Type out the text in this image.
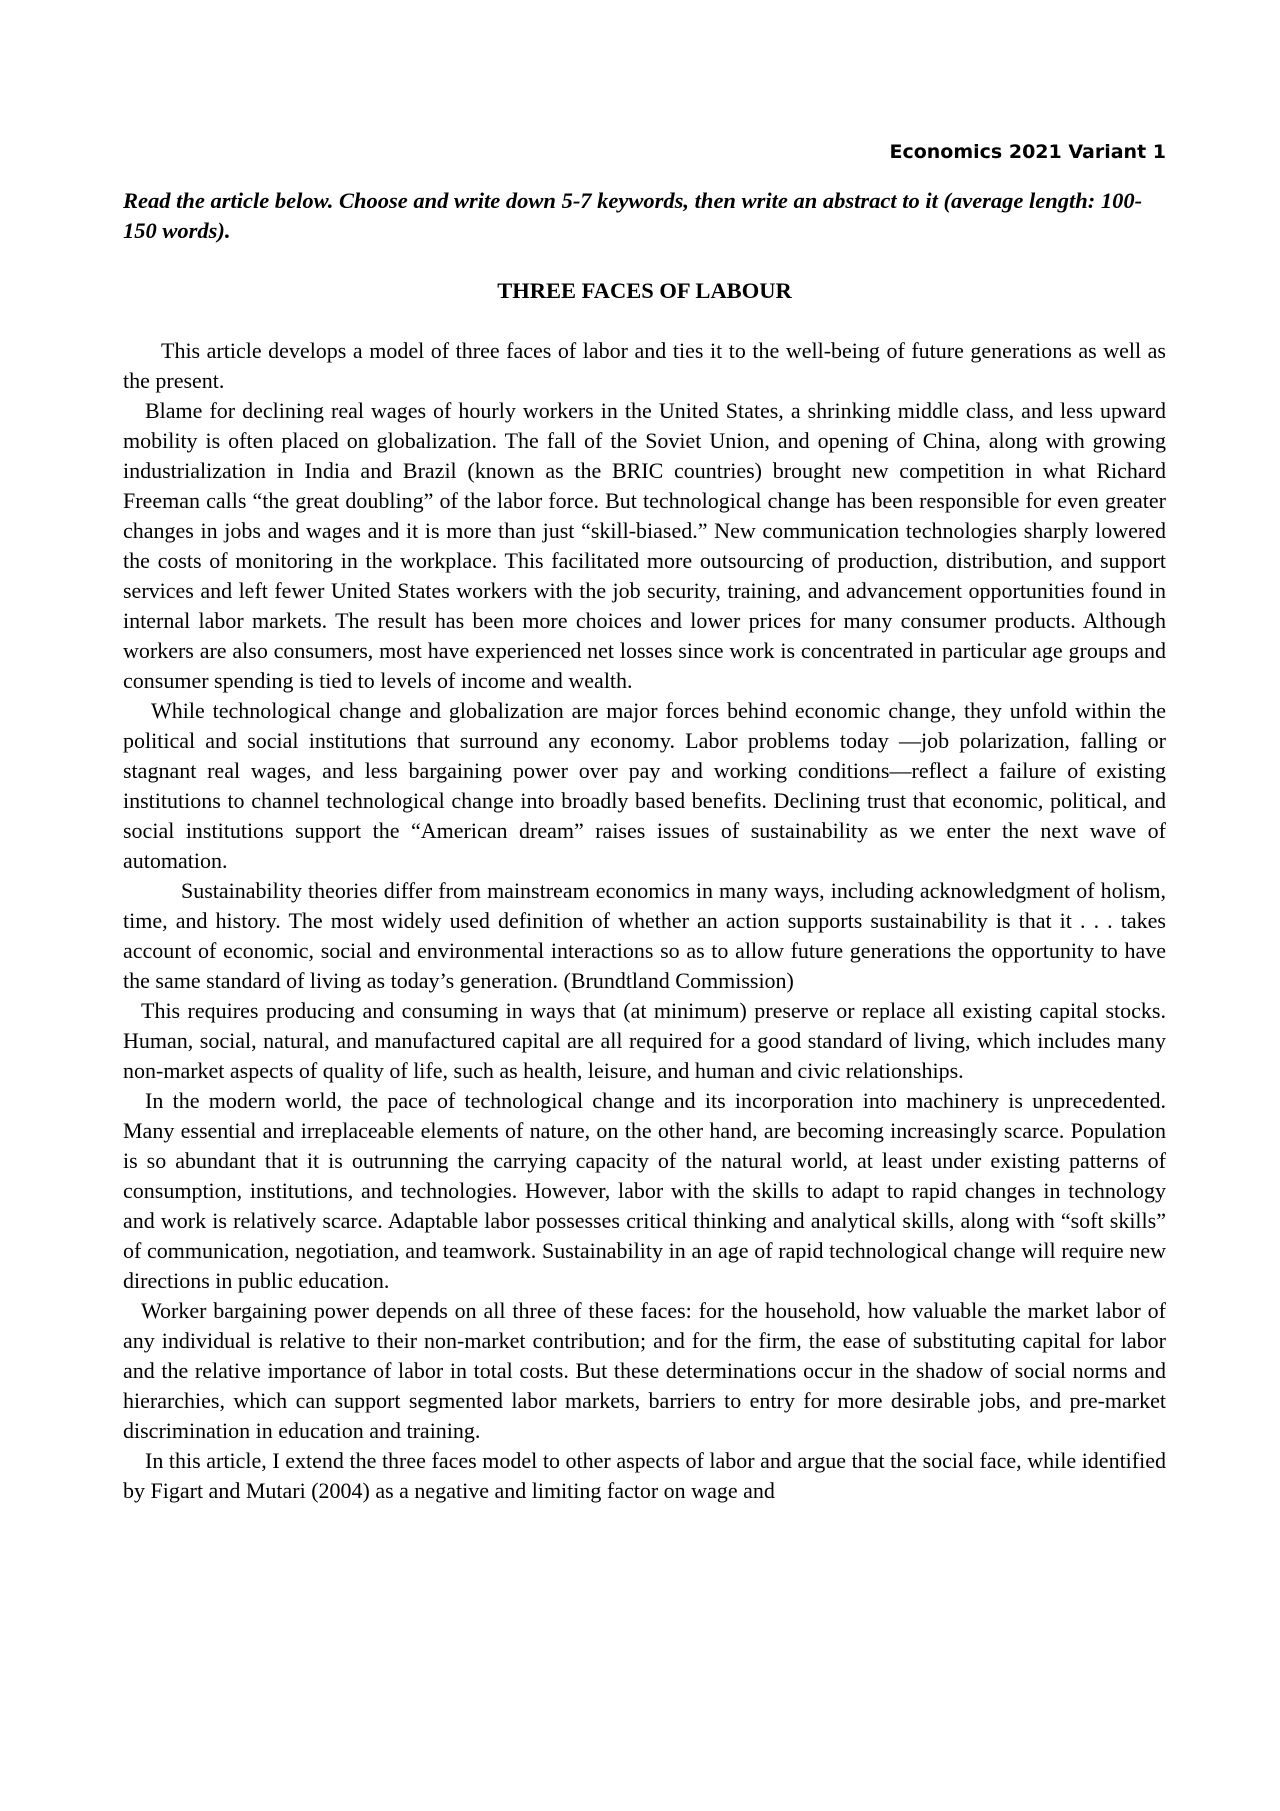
Economics 2021 Variant 1
Read the article below. Choose and write down 5-7 keywords, then write an abstract to it (average length: 100-150 words).
THREE FACES OF LABOUR

This article develops a model of three faces of labor and ties it to the well-being of future generations as well as the present.

Blame for declining real wages of hourly workers in the United States, a shrinking middle class, and less upward mobility is often placed on globalization. The fall of the Soviet Union, and opening of China, along with growing industrialization in India and Brazil (known as the BRIC countries) brought new competition in what Richard Freeman calls “the great doubling” of the labor force. But technological change has been responsible for even greater changes in jobs and wages and it is more than just “skill-biased.” New communication technologies sharply lowered the costs of monitoring in the workplace. This facilitated more outsourcing of production, distribution, and support services and left fewer United States workers with the job security, training, and advancement opportunities found in internal labor markets. The result has been more choices and lower prices for many consumer products. Although workers are also consumers, most have experienced net losses since work is concentrated in particular age groups and consumer spending is tied to levels of income and wealth.

While technological change and globalization are major forces behind economic change, they unfold within the political and social institutions that surround any economy. Labor problems today —job polarization, falling or stagnant real wages, and less bargaining power over pay and working conditions—reflect a failure of existing institutions to channel technological change into broadly based benefits. Declining trust that economic, political, and social institutions support the “American dream” raises issues of sustainability as we enter the next wave of automation.

Sustainability theories differ from mainstream economics in many ways, including acknowledgment of holism, time, and history. The most widely used definition of whether an action supports sustainability is that it . . . takes account of economic, social and environmental interactions so as to allow future generations the opportunity to have the same standard of living as today’s generation. (Brundtland Commission)

This requires producing and consuming in ways that (at minimum) preserve or replace all existing capital stocks. Human, social, natural, and manufactured capital are all required for a good standard of living, which includes many non-market aspects of quality of life, such as health, leisure, and human and civic relationships.

In the modern world, the pace of technological change and its incorporation into machinery is unprecedented. Many essential and irreplaceable elements of nature, on the other hand, are becoming increasingly scarce. Population is so abundant that it is outrunning the carrying capacity of the natural world, at least under existing patterns of consumption, institutions, and technologies. However, labor with the skills to adapt to rapid changes in technology and work is relatively scarce. Adaptable labor possesses critical thinking and analytical skills, along with “soft skills” of communication, negotiation, and teamwork. Sustainability in an age of rapid technological change will require new directions in public education.

Worker bargaining power depends on all three of these faces: for the household, how valuable the market labor of any individual is relative to their non-market contribution; and for the firm, the ease of substituting capital for labor and the relative importance of labor in total costs. But these determinations occur in the shadow of social norms and hierarchies, which can support segmented labor markets, barriers to entry for more desirable jobs, and pre-market discrimination in education and training.

In this article, I extend the three faces model to other aspects of labor and argue that the social face, while identified by Figart and Mutari (2004) as a negative and limiting factor on wage and
